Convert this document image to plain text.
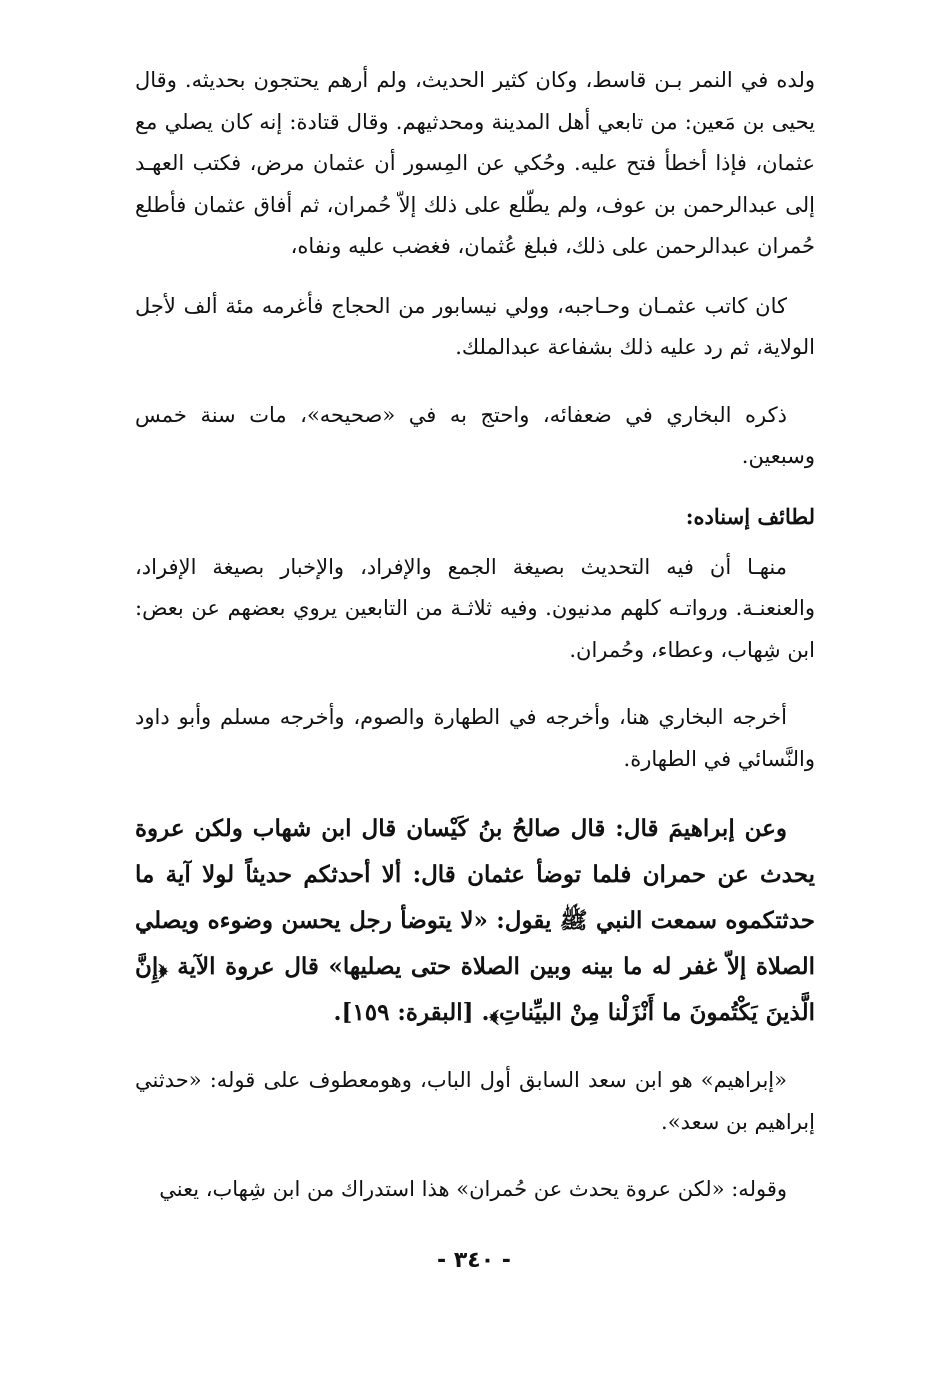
ولده في النمر بـن قاسط، وكان كثير الحديث، ولم أرهم يحتجون بحديثه. وقال يحيى بن مَعين: من تابعي أهل المدينة ومحدثيهم. وقال قتادة: إنه كان يصلي مع عثمان، فإذا أخطأ فتح عليه. وحُكي عن المِسور أن عثمان مرض، فكتب العهـد إلى عبدالرحمن بن عوف، ولم يطّلع على ذلك إلاّ حُمران، ثم أفاق عثمان فأطلع حُمران عبدالرحمن على ذلك، فبلغ عُثمان، فغضب عليه ونفاه،

كان كاتب عثمـان وحـاجبه، وولي نيسابور من الحجاج فأغرمه مئة ألف لأجل الولاية، ثم رد عليه ذلك بشفاعة عبدالملك.

ذكره البخاري في ضعفائه، واحتج به في «صحيحه»، مات سنة خمس وسبعين.

لطائف إسناده:

منهـا أن فيه التحديث بصيغة الجمع والإفراد، والإخبار بصيغة الإفراد، والعنعنـة. ورواتـه كلهم مدنيون. وفيه ثلاثـة من التابعين يروي بعضهم عن بعض: ابن شِهاب، وعطاء، وحُمران.

أخرجه البخاري هنا، وأخرجه في الطهارة والصوم، وأخرجه مسلم وأبو داود والنَّسائي في الطهارة.

وعن إبراهيمَ قال: قال صالحُ بنُ كَيْسان قال ابن شهاب ولكن عروة يحدث عن حمران فلما توضأ عثمان قال: ألا أحدثكم حديثاً لولا آية ما حدثتكموه سمعت النبي ﷺ يقول: «لا يتوضأ رجل يحسن وضوءه ويصلي الصلاة إلاّ غفر له ما بينه وبين الصلاة حتى يصليها» قال عروة الآية ﴿إِنَّ الَّذينَ يَكْتُمونَ ما أَنْزَلْنا مِنْ البيِّناتِ﴾. [البقرة: ١٥٩].

«إبراهيم» هو ابن سعد السابق أول الباب، وهومعطوف على قوله: «حدثني إبراهيم بن سعد».

وقوله: «لكن عروة يحدث عن حُمران» هذا استدراك من ابن شِهاب، يعني

- ٣٤٠ -
